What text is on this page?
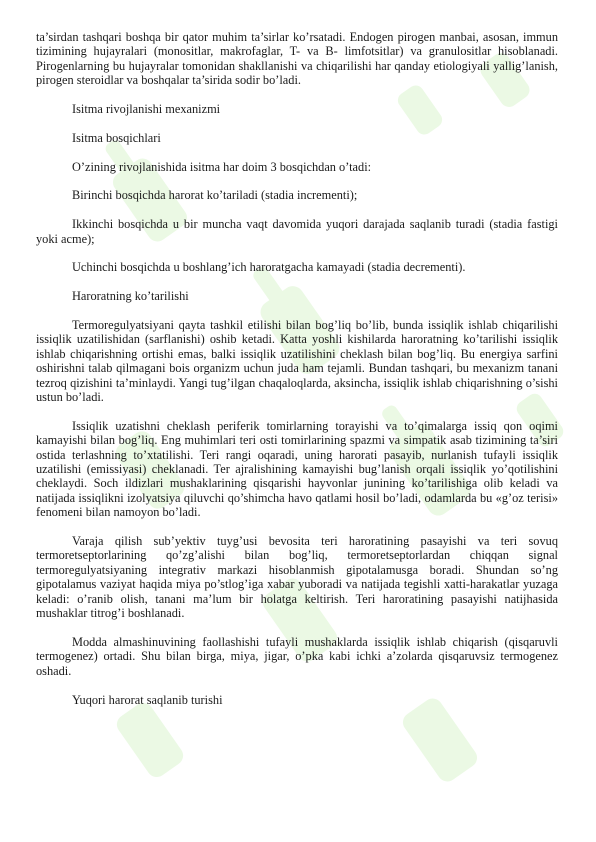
ta’sirdan tashqari boshqa bir qator muhim ta’sirlar ko’rsatadi. Endogen pirogen manbai, asosan, immun tizimining hujayralari (monositlar, makrofaglar, T- va B- limfotsitlar) va granulositlar hisoblanadi. Pirogenlarning bu hujayralar tomonidan shakllanishi va chiqarilishi har qanday etiologiyali yallig’lanish, pirogen steroidlar va boshqalar ta’sirida sodir bo’ladi.

Isitma rivojlanishi mexanizmi

Isitma bosqichlari

O’zining rivojlanishida isitma har doim 3 bosqichdan o’tadi:

Birinchi bosqichda harorat ko’tariladi (stadia incrementi);

Ikkinchi bosqichda u bir muncha vaqt davomida yuqori darajada saqlanib turadi (stadia fastigi yoki acme);

Uchinchi bosqichda u boshlang’ich haroratgacha kamayadi (stadia decrementi).

Haroratning ko’tarilishi

Termoregulyatsiyani qayta tashkil etilishi bilan bog’liq bo’lib, bunda issiqlik ishlab chiqarilishi issiqlik uzatilishidan (sarflanishi) oshib ketadi. Katta yoshli kishilarda haroratning ko’tarilishi issiqlik ishlab chiqarishning ortishi emas, balki issiqlik uzatilishini cheklash bilan bog’liq. Bu energiya sarfini oshirishni talab qilmagani bois organizm uchun juda ham tejamli. Bundan tashqari, bu mexanizm tanani tezroq qizishini ta’minlaydi. Yangi tug’ilgan chaqaloqlarda, aksincha, issiqlik ishlab chiqarishning o’sishi ustun bo’ladi.

Issiqlik uzatishni cheklash periferik tomirlarning torayishi va to’qimalarga issiq qon oqimi kamayishi bilan bog’liq. Eng muhimlari teri osti tomirlarining spazmi va simpatik asab tizimining ta’siri ostida terlashning to’xtatilishi. Teri rangi oqaradi, uning harorati pasayib, nurlanish tufayli issiqlik uzatilishi (emissiyasi) cheklanadi. Ter ajralishining kamayishi bug’lanish orqali issiqlik yo’qotilishini cheklaydi. Soch ildizlari mushaklarining qisqarishi hayvonlar junining ko’tarilishiga olib keladi va natijada issiqlikni izolyatsiya qiluvchi qo’shimcha havo qatlami hosil bo’ladi, odamlarda bu «g’oz terisi» fenomeni bilan namoyon bo’ladi.

Varaja qilish sub’yektiv tuyg’usi bevosita teri haroratining pasayishi va teri sovuq termoretseptorlarining qo’zg’alishi bilan bog’liq, termoretseptorlardan chiqqan signal termoregulyatsiyaning integrativ markazi hisoblanmish gipotalamusga boradi. Shundan so’ng gipotalamus vaziyat haqida miya po’stlog’iga xabar yuboradi va natijada tegishli xatti-harakatlar yuzaga keladi: o’ranib olish, tanani ma’lum bir holatga keltirish. Teri haroratining pasayishi natijhasida mushaklar titrog’i boshlanadi.

Modda almashinuvining faollashishi tufayli mushaklarda issiqlik ishlab chiqarish (qisqaruvli termogenez) ortadi. Shu bilan birga, miya, jigar, o’pka kabi ichki a’zolarda qisqaruvsiz termogenez oshadi.

Yuqori harorat saqlanib turishi
